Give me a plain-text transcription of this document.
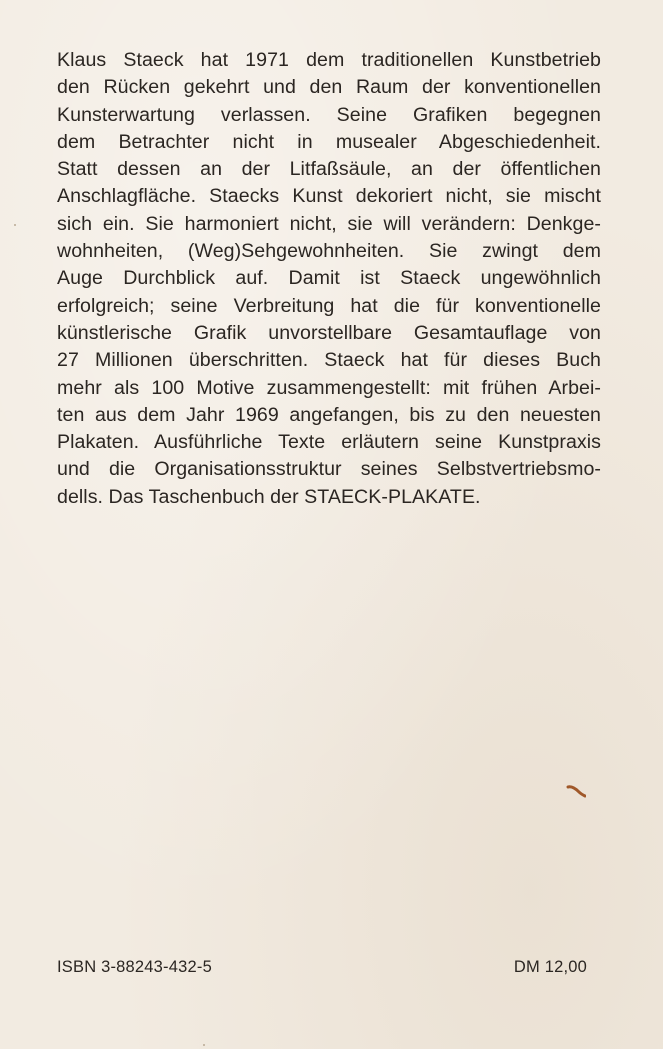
Klaus Staeck hat 1971 dem traditionellen Kunstbetrieb
den Rücken gekehrt und den Raum der konventionellen
Kunsterwartung verlassen. Seine Grafiken begegnen
dem Betrachter nicht in musealer Abgeschiedenheit.
Statt dessen an der Litfaßsäule, an der öffentlichen
Anschlagfläche. Staecks Kunst dekoriert nicht, sie mischt
sich ein. Sie harmoniert nicht, sie will verändern: Denkge-
wohnheiten, (Weg)Sehgewohnheiten. Sie zwingt dem
Auge Durchblick auf. Damit ist Staeck ungewöhnlich
erfolgreich; seine Verbreitung hat die für konventionelle
künstlerische Grafik unvorstellbare Gesamtauflage von
27 Millionen überschritten. Staeck hat für dieses Buch
mehr als 100 Motive zusammengestellt: mit frühen Arbei-
ten aus dem Jahr 1969 angefangen, bis zu den neuesten
Plakaten. Ausführliche Texte erläutern seine Kunstpraxis
und die Organisationsstruktur seines Selbstvertriebsmo-
dells. Das Taschenbuch der STAECK-PLAKATE.

ISBN 3-88243-432-5	DM 12,00
